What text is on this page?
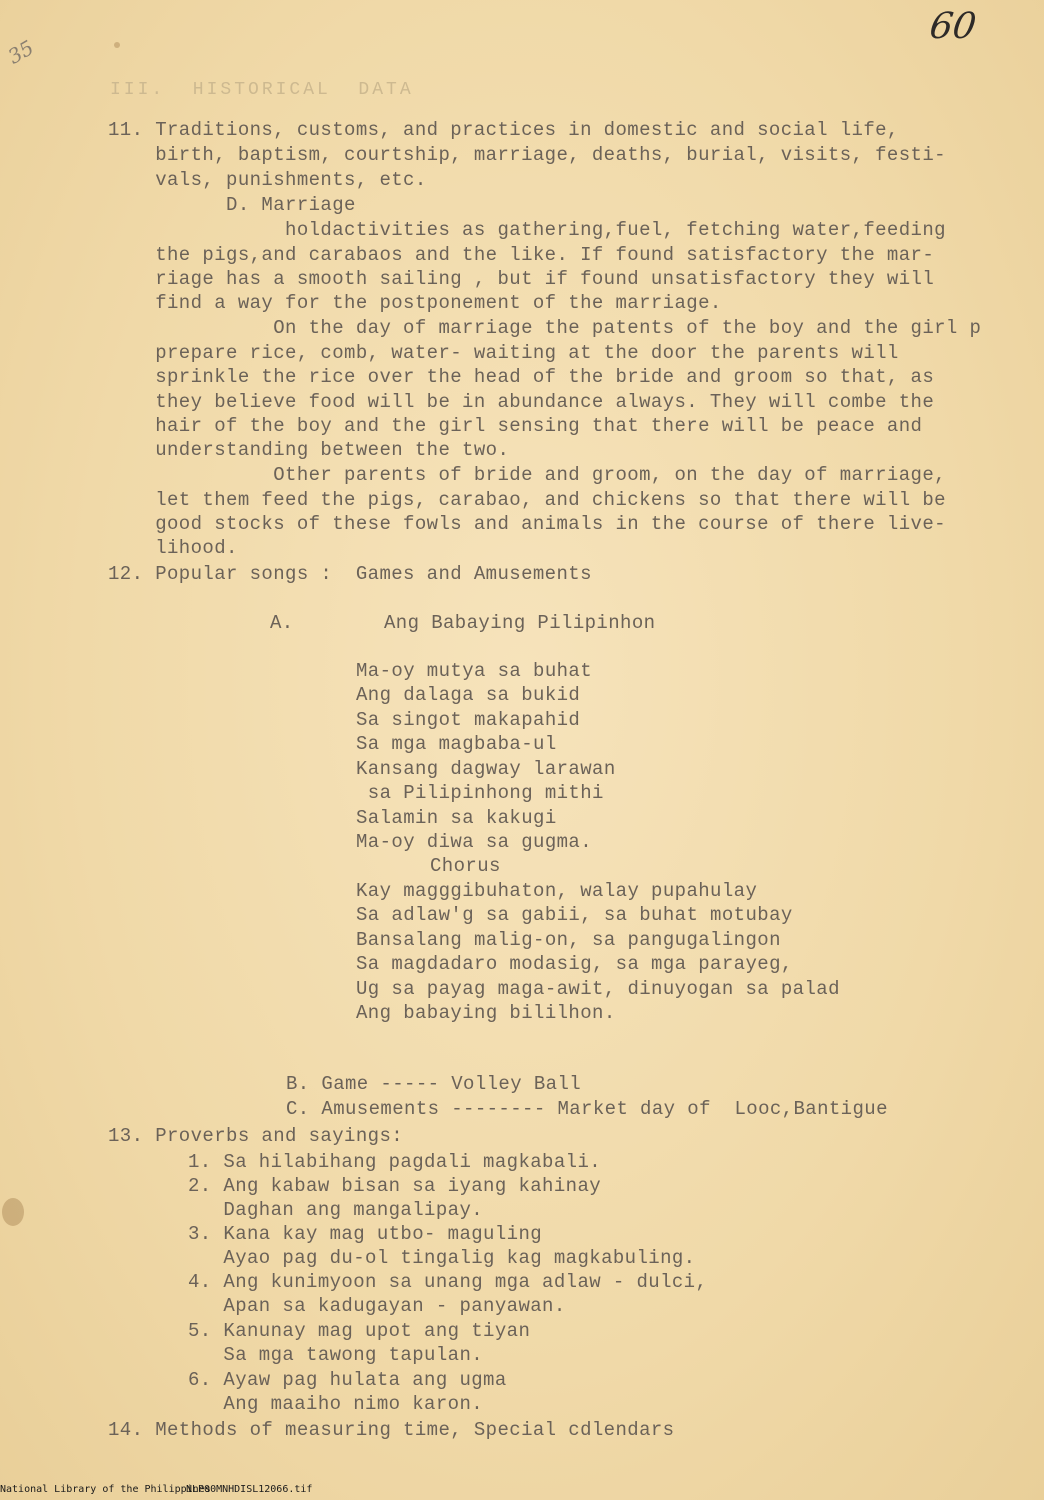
60
35
III.  HISTORICAL  DATA

11. Traditions, customs, and practices in domestic and social life,

birth, baptism, courtship, marriage, deaths, burial, visits, festi-

vals, punishments, etc.

D. Marriage

holdactivities as gathering,fuel, fetching water,feeding

the pigs,and carabaos and the like. If found satisfactory the mar-

riage has a smooth sailing , but if found unsatisfactory they will

find a way for the postponement of the marriage.

On the day of marriage the patents of the boy and the girl p

prepare rice, comb, water- waiting at the door the parents will

sprinkle the rice over the head of the bride and groom so that, as

they believe food will be in abundance always. They will combe the

hair of the boy and the girl sensing that there will be peace and

understanding between the two.

Other parents of bride and groom, on the day of marriage,

let them feed the pigs, carabao, and chickens so that there will be

good stocks of these fowls and animals in the course of there live-

lihood.

12. Popular songs :  Games and Amusements

A.

	Ang Babaying Pilipinhon

Ma-oy mutya sa buhat

Ang dalaga sa bukid

Sa singot makapahid

Sa mga magbaba-ul

Kansang dagway larawan

sa Pilipinhong mithi

Salamin sa kakugi

Ma-oy diwa sa gugma.

Chorus

Kay magggibuhaton, walay pupahulay

Sa adlaw'g sa gabii, sa buhat motubay

Bansalang malig-on, sa pangugalingon

Sa magdadaro modasig, sa mga parayeg,

Ug sa payag maga-awit, dinuyogan sa palad

Ang babaying bililhon.

B. Game ----- Volley Ball

C. Amusements -------- Market day of  Looc,Bantigue

13. Proverbs and sayings:

1. Sa hilabihang pagdali magkabali.

2. Ang kabaw bisan sa iyang kahinay

Daghan ang mangalipay.

3. Kana kay mag utbo- maguling

Ayao pag du-ol tingalig kag magkabuling.

4. Ang kunimyoon sa unang mga adlaw - dulci,

Apan sa kadugayan - panyawan.

5. Kanunay mag upot ang tiyan

Sa mga tawong tapulan.

6. Ayaw pag hulata ang ugma

Ang maaiho nimo karon.

14. Methods of measuring time, Special cdlendars

National Library of the Philippines
NLP00MNHDISL12066.tif
